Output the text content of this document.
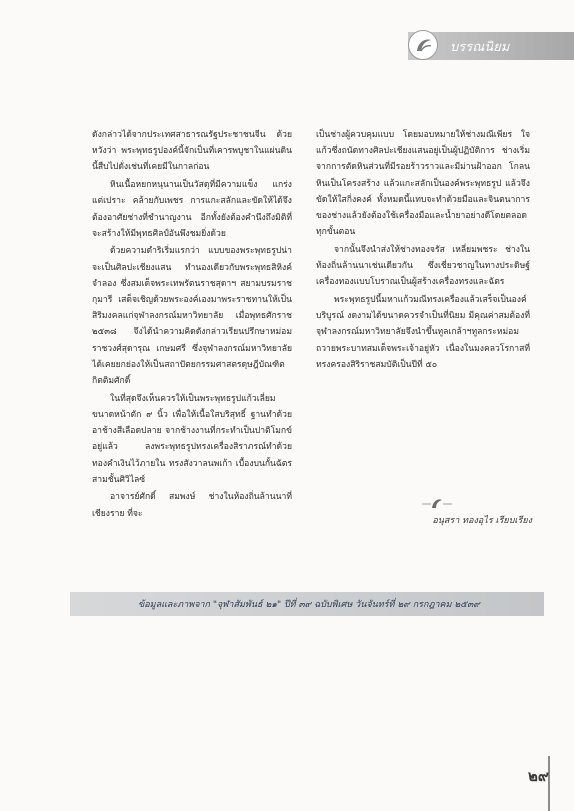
บรรณนิยม

ดังกล่าวได้จากประเทศสาธารณรัฐประชาชนจีน ด้วยหวังว่า พระพุทธรูปองค์นี้จักเป็นที่เคารพบูชาในแผ่นดินนี้สืบไปดั่งเช่นที่เคยมีในกาลก่อน

หินเนื้อหยกหนุนานเป็นวัสดุที่มีความแข็ง แกร่ง แต่เปราะ คล้ายกับเพชร การแกะสลักและขัดให้ได้จึงต้องอาศัยช่างที่ชำนาญงาน อีกทั้งยังต้องคำนึงถึงมิติที่จะสร้างให้มีพุทธศิลป์อันพึงชมยิ่งด้วย

ด้วยความดำริเริ่มแรกว่า แบบของพระพุทธรูปน่าจะเป็นศิลปะเชียงแสน ทำนองเดียวกับพระพุทธสิหิงค์จำลอง ซึ่งสมเด็จพระเทพรัตนราชสุดาฯ สยามบรมราชกุมารี เสด็จเชิญด้วยพระองค์เองมาพระราชทานให้เป็นสิริมงคลแก่จุฬาลงกรณ์มหาวิทยาลัย เมื่อพุทธศักราช ๒๕๓๘ จึงได้นำความคิดดังกล่าวเรียนปรึกษาหม่อมราชวงศ์สุดารุณ เกษมศรี ซึ่งจุฬาลงกรณ์มหาวิทยาลัยได้เคยยกย่องให้เป็นสถาปัตยกรรมศาสตรดุษฎีบัณฑิตกิตติมศักดิ์

ในที่สุดจึงเห็นควรให้เป็นพระพุทธรูปแก้วเลี่ยมขนาดหน้าตัก ๙ นิ้ว เพื่อให้เนื้อใสบริสุทธิ์ ฐานทำด้วยอาช้างสีเลือดปลาย จากช้างงานที่กระทำเป็นปาติโมกข์อยู่แล้ว ลงพระพุทธรูปทรงเครื่องสิราภรณ์ทำด้วยทองคำเงินไว้ภายใน ทรงสังวาลนพเก้า เบื้องบนกั้นฉัตรสามชั้นศิวิไลซ์

อาจารย์ศักดิ์ สมพงษ์ ช่างในห้องถิ่นล้านนาที่เชียงราย ที่จะ

เป็นช่างผู้ควบคุมแบบ โดยมอบหมายให้ช่างมณีเพียร ใจแก้วซึ่งถนัดทางศิลปะเชียงแสนอยู่เป็นผู้ปฏิบัติการ ช่างเริ่มจากการตัดหินส่วนที่มีรอยร้าวราวและมีม่านฝ้าออก โกลนหินเป็นโครงสร้าง แล้วแกะสลักเป็นองค์พระพุทธรูป แล้วจึงขัดให้ใสกิ่งคงค์ ทั้งหมดนี้แทบจะทำด้วยมือและจินตนาการของช่างแล้วยังต้องใช้เครื่องมือและน้ำยาอย่างดีโดยตลอดทุกขั้นตอน

จากนั้นจึงนำส่งให้ช่างทองจรัส เหลี่ยมพชระ ช่างในท้องถิ่นล้านนาเช่นเดียวกัน ซึ่งเชี่ยวชาญในทางประดิษฐ์เครื่องทองแบบโบราณเป็นผู้สร้างเครื่องทรงและฉัตร

พระพุทธรูปนี้มหาแก้วมณีทรงเครื่องแล้วเสร็จเป็นองค์บริบูรณ์ งดงามได้ขนาดควรจำเป็นที่นิยม มีคุณค่าสมต้องที่จุฬาลงกรณ์มหาวิทยาลัยจึงนำขึ้นทูลเกล้าฯทูลกระหม่อมถวายพระบาทสมเด็จพระเจ้าอยู่หัว เนื่องในมงคลวโรกาสที่ทรงครองสิริราชสมบัติเป็นปีที่ ๕๐

อนุสรา ทองอุไร เรียบเรียง
ข้อมูลและภาพจาก "จุฬาสัมพันธ์ ๒๑" ปีที่ ๓๙ ฉบับพิเศษ วันจันทร์ที่ ๒๙ กรกฎาคม ๒๕๓๙
๒๙
